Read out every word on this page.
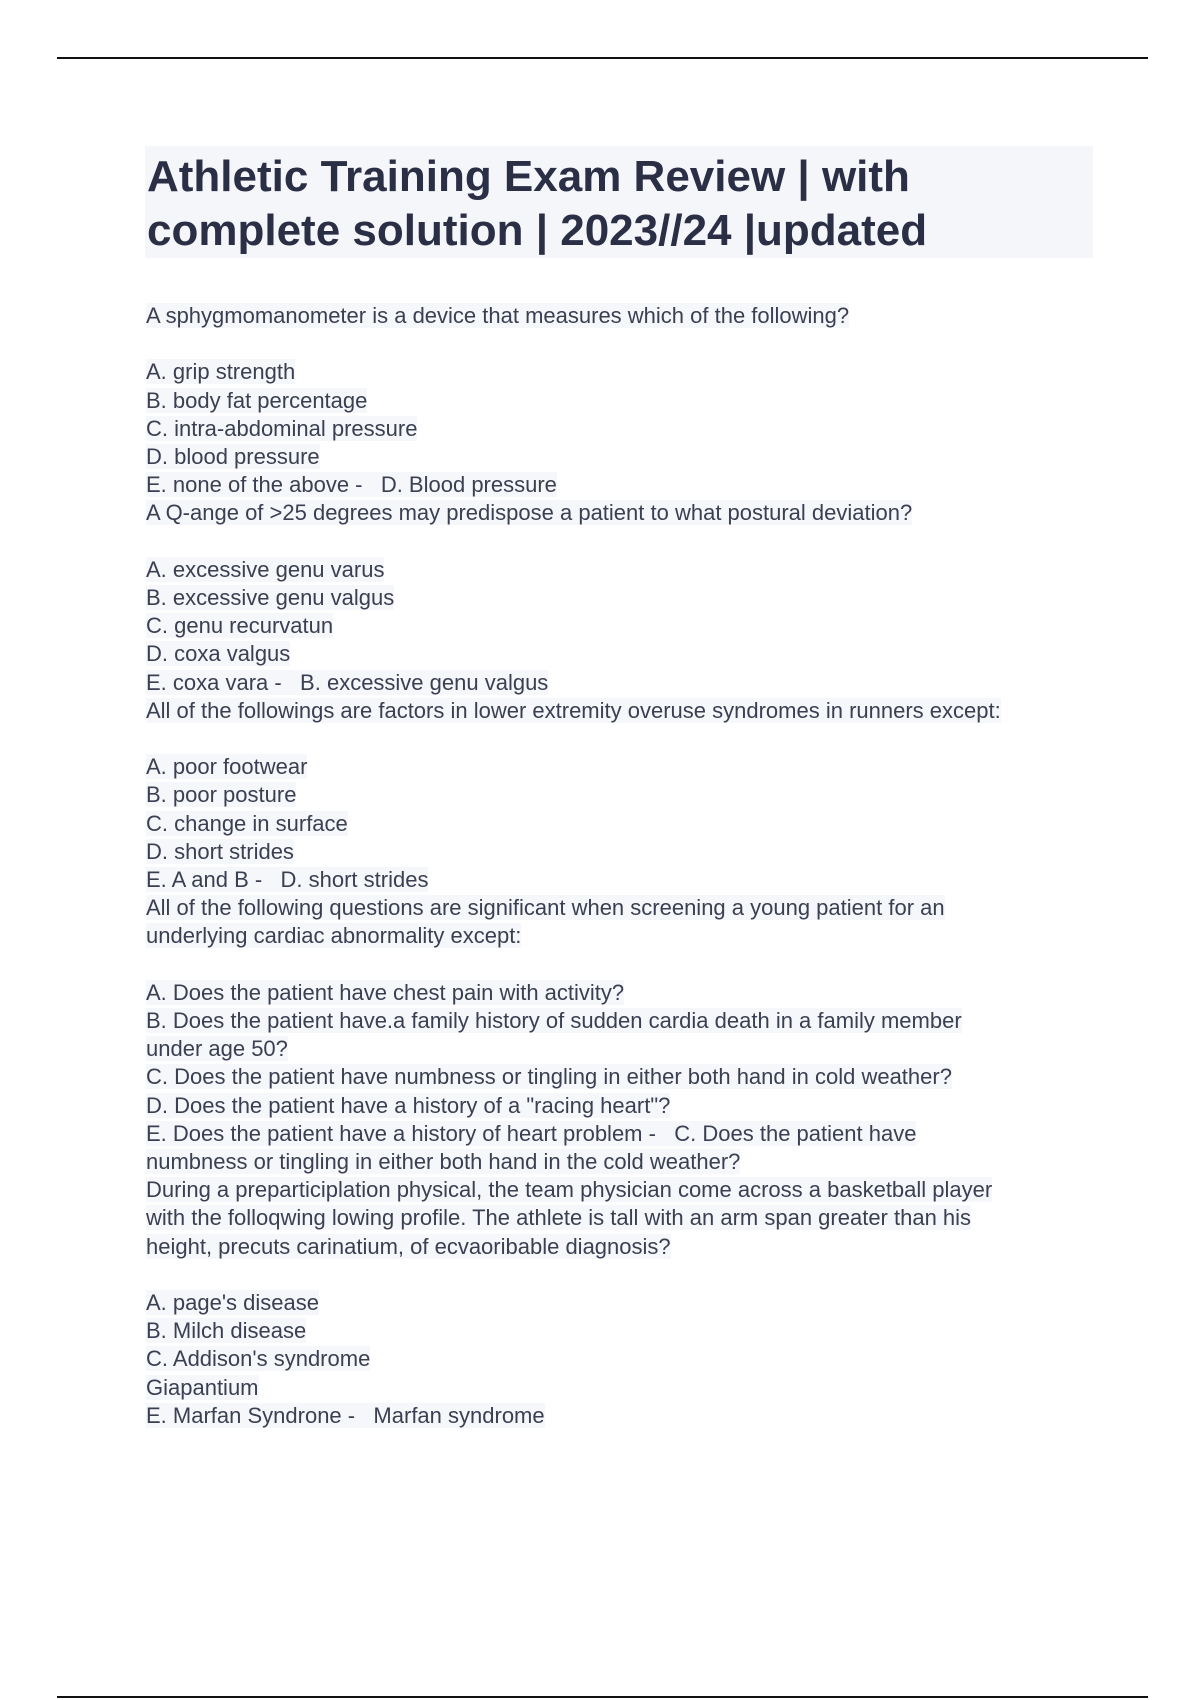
Athletic Training Exam Review | with complete solution | 2023//24 |updated
A sphygmomanometer is a device that measures which of the following?
A. grip strength
B. body fat percentage
C. intra-abdominal pressure
D. blood pressure
E. none of the above -   D. Blood pressure
A Q-ange of >25 degrees may predispose a patient to what postural deviation?
A. excessive genu varus
B. excessive genu valgus
C. genu recurvatun
D. coxa valgus
E. coxa vara -   B. excessive genu valgus
All of the followings are factors in lower extremity overuse syndromes in runners except:
A. poor footwear
B. poor posture
C. change in surface
D. short strides
E. A and B -   D. short strides
All of the following questions are significant when screening a young patient for an
underlying cardiac abnormality except:
A. Does the patient have chest pain with activity?
B. Does the patient have.a family history of sudden cardia death in a family member
under age 50?
C. Does the patient have numbness or tingling in either both hand in cold weather?
D. Does the patient have a history of a "racing heart"?
E. Does the patient have a history of heart problem -   C. Does the patient have
numbness or tingling in either both hand in the cold weather?
During a preparticiplation physical, the team physician come across a basketball player
with the folloqwing lowing profile. The athlete is tall with an arm span greater than his
height, precuts carinatium, of ecvaoribable diagnosis?
A. page's disease
B. Milch disease
C. Addison's syndrome
Giapantium
E. Marfan Syndrone -   Marfan syndrome
